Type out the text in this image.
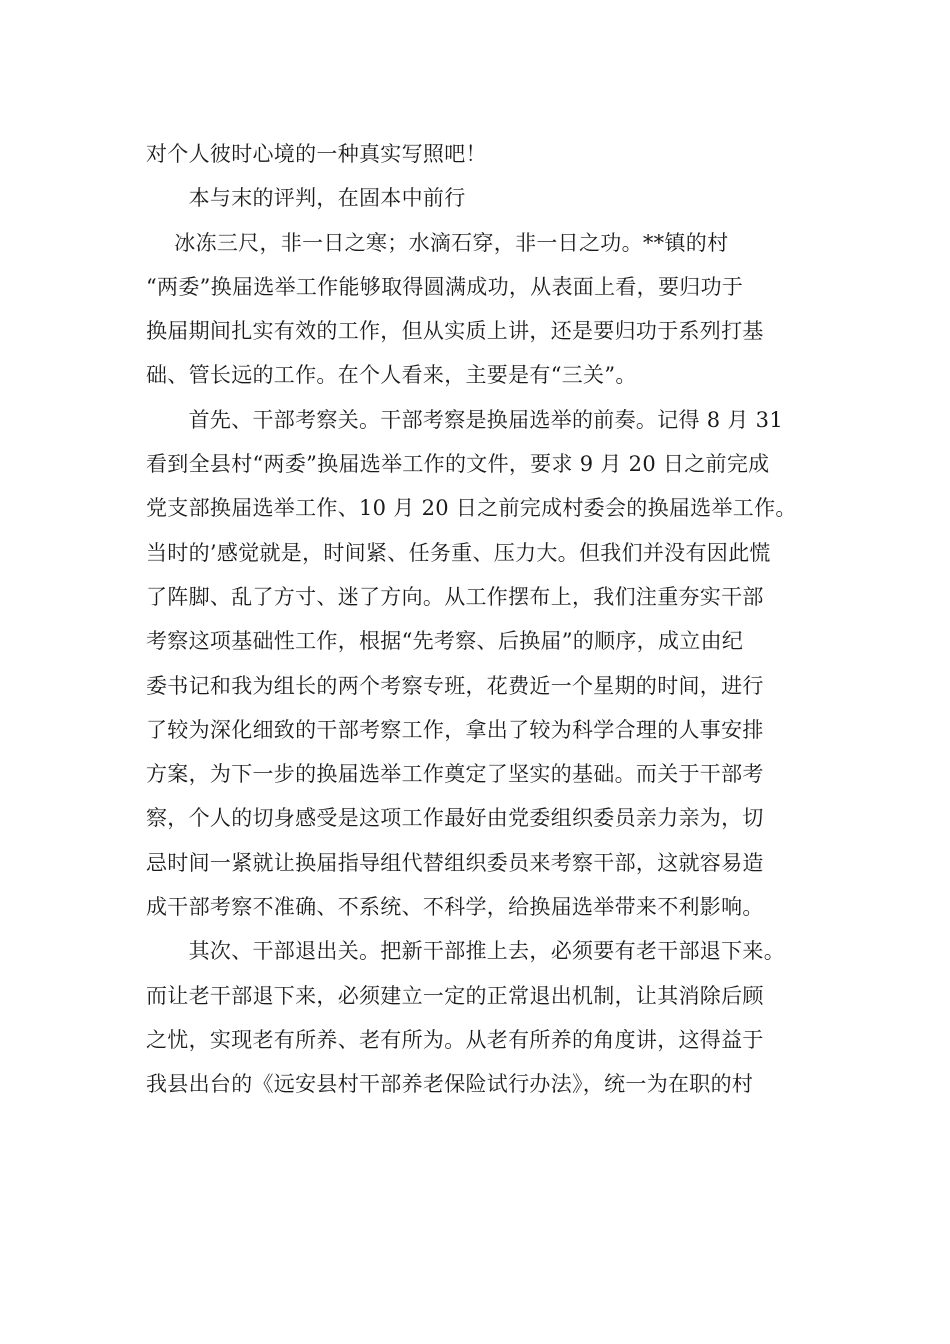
对个人彼时心境的一种真实写照吧！
　　本与末的评判，在固本中前行
　 冰冻三尺，非一日之寒；水滴石穿，非一日之功。**镇的村
“两委”换届选举工作能够取得圆满成功，从表面上看，要归功于
换届期间扎实有效的工作，但从实质上讲，还是要归功于系列打基
础、管长远的工作。在个人看来，主要是有“三关”。
　　首先、干部考察关。干部考察是换届选举的前奏。记得 8 月 31
看到全县村“两委”换届选举工作的文件，要求 9 月 20 日之前完成
党支部换届选举工作、10 月 20 日之前完成村委会的换届选举工作。
当时的’感觉就是，时间紧、任务重、压力大。但我们并没有因此慌
了阵脚、乱了方寸、迷了方向。从工作摆布上，我们注重夯实干部
考察这项基础性工作，根据“先考察、后换届”的顺序，成立由纪
委书记和我为组长的两个考察专班，花费近一个星期的时间，进行
了较为深化细致的干部考察工作，拿出了较为科学合理的人事安排
方案，为下一步的换届选举工作奠定了坚实的基础。而关于干部考
察，个人的切身感受是这项工作最好由党委组织委员亲力亲为，切
忌时间一紧就让换届指导组代替组织委员来考察干部，这就容易造
成干部考察不准确、不系统、不科学，给换届选举带来不利影响。
　　其次、干部退出关。把新干部推上去，必须要有老干部退下来。
而让老干部退下来，必须建立一定的正常退出机制，让其消除后顾
之忧，实现老有所养、老有所为。从老有所养的角度讲，这得益于
我县出台的《远安县村干部养老保险试行办法》，统一为在职的村
